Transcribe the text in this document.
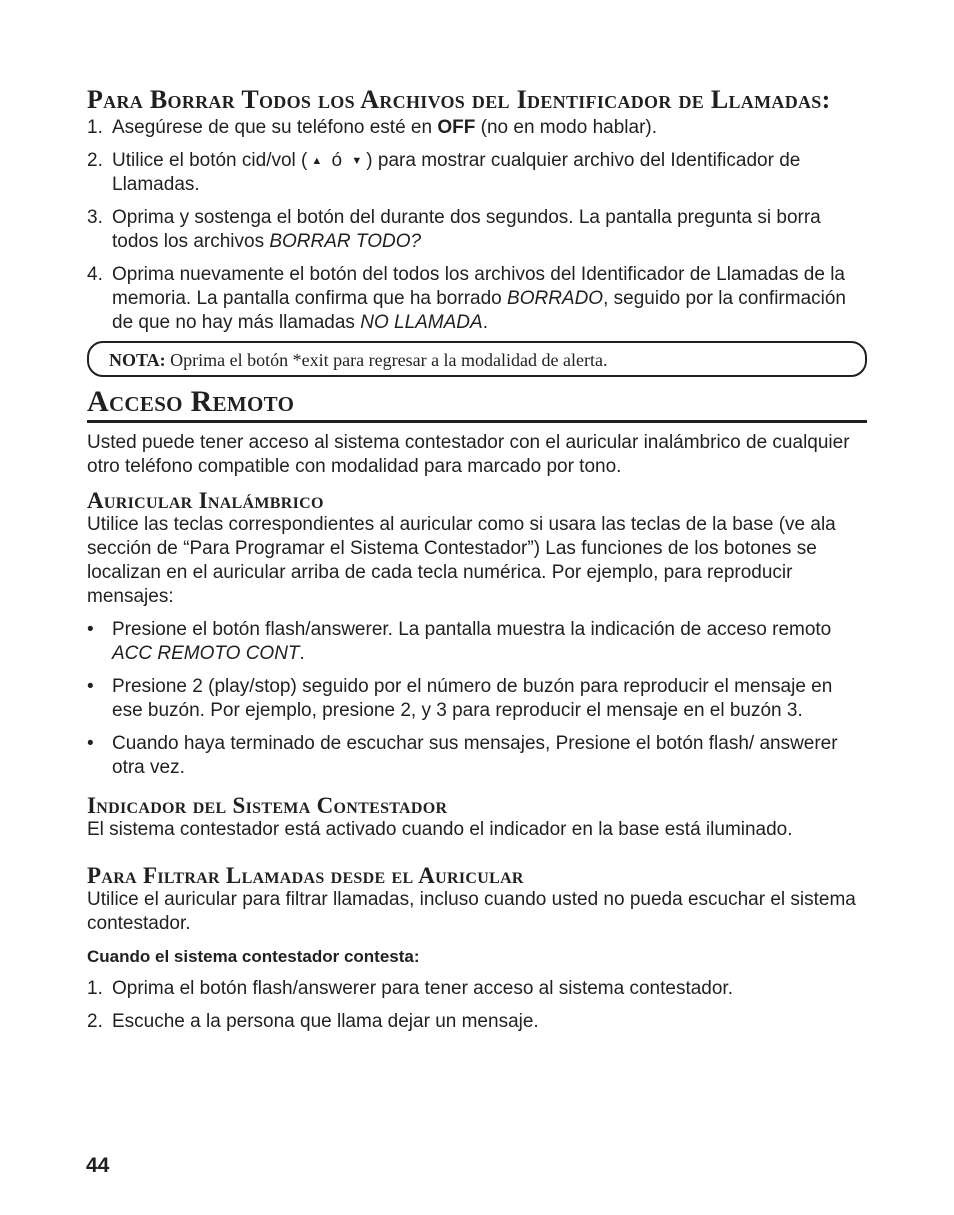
Para Borrar Todos los Archivos del Identificador de Llamadas:
1. Asegúrese de que su teléfono esté en OFF (no en modo hablar).
2. Utilice el botón cid/vol ( ▲ ó ▼ ) para mostrar cualquier archivo del Identificador de Llamadas.
3. Oprima y sostenga el botón del durante dos segundos. La pantalla pregunta si borra todos los archivos BORRAR TODO?
4. Oprima nuevamente el botón del todos los archivos del Identificador de Llamadas de la memoria. La pantalla confirma que ha borrado BORRADO, seguido por la confirmación de que no hay más llamadas NO LLAMADA.
NOTA: Oprima el botón *exit para regresar a la modalidad de alerta.
Acceso Remoto

Usted puede tener acceso al sistema contestador con el auricular inalámbrico de cualquier otro teléfono compatible con modalidad para marcado por tono.

Auricular Inalámbrico

Utilice las teclas correspondientes al auricular como si usara las teclas de la base (ve ala sección de “Para Programar el Sistema Contestador”) Las funciones de los botones se localizan en el auricular arriba de cada tecla numérica. Por ejemplo, para reproducir mensajes:

• Presione el botón flash/answerer. La pantalla muestra la indicación de acceso remoto ACC REMOTO CONT.
• Presione 2 (play/stop) seguido por el número de buzón para reproducir el mensaje en ese buzón. Por ejemplo, presione 2, y 3 para reproducir el mensaje en el buzón 3.
• Cuando haya terminado de escuchar sus mensajes, Presione el botón flash/ answerer otra vez.
Indicador del Sistema Contestador

El sistema contestador está activado cuando el indicador en la base está iluminado.

Para Filtrar Llamadas desde el Auricular

Utilice el auricular para filtrar llamadas, incluso cuando usted no pueda escuchar el sistema contestador.

Cuando el sistema contestador contesta:

1. Oprima el botón flash/answerer para tener acceso al sistema contestador.
2. Escuche a la persona que llama dejar un mensaje.
44
